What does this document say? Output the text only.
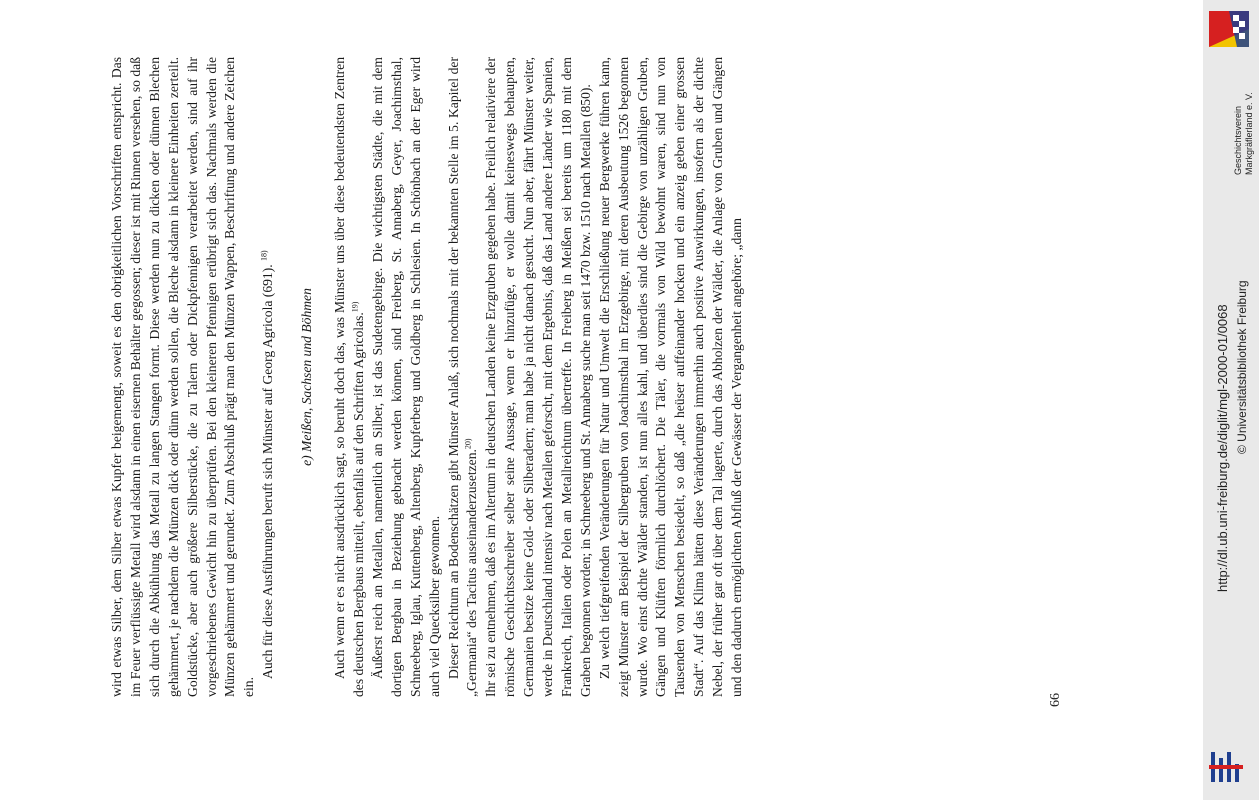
wird etwas Silber, dem Silber etwas Kupfer beigemengt, soweit es den obrigkeitlichen Vorschriften entspricht. Das im Feuer verflüssigte Metall wird alsdann in einen eisernen Behälter gegossen; dieser ist mit Rinnen versehen, so daß sich durch die Abkühlung das Metall zu langen Stangen formt. Diese werden nun zu dicken oder dünnen Blechen gehämmert, je nachdem die Münzen dick oder dünn werden sollen, die Bleche alsdann in kleinere Einheiten zerteilt. Goldstücke, aber auch größere Silberstücke, die zu Talern oder Dickpfennigen verarbeitet werden, sind auf ihr vorgeschriebenes Gewicht hin zu überprüfen. Bei den kleineren Pfennigen erübrigt sich das. Nachmals werden die Münzen gehämmert und gerundet. Zum Abschluß prägt man den Münzen Wappen, Beschriftung und andere Zeichen ein.

Auch für diese Ausführungen beruft sich Münster auf Georg Agricola (691). $^{18)}$

e) Meißen, Sachsen und Böhmen Auch wenn er es nicht ausdrücklich sagt, so beruht doch das, was Münster uns über diese bedeutendsten Zentren des deutschen Bergbaus mitteilt, ebenfalls auf den Schriften Agricolas.$^{19)}$ Äußerst reich an Metallen, namentlich an Silber, ist das Sudetengebirge. Die wichtigsten Städte, die mit dem dortigen Bergbau in Beziehung gebracht werden können, sind Freiberg, St. Annaberg, Geyer, Joachimsthal, Schneeberg, Iglau, Kuttenberg, Altenberg, Kupferberg und Goldberg in Schlesien. In Schönbach an der Eger wird auch viel Quecksilber gewonnen. Dieser Reichtum an Bodenschätzen gibt Münster Anlaß, sich nochmals mit der bekannten Stelle im 5. Kapitel der „Germania“ des Tacitus auseinanderzusetzen.$^{20)}$ Ihr sei zu entnehmen, daß es im Altertum in deutschen Landen keine Erzgruben gegeben habe. Freilich relativiere der römische Geschichtsschreiber selber seine Aussage, wenn er hinzufüge, er wolle damit keineswegs behaupten, Germanien besitze keine Gold- oder Silberadern; man habe ja nicht danach gesucht. Nun aber, fährt Münster weiter, werde in Deutschland intensiv nach Metallen geforscht, mit dem Ergebnis, daß das Land andere Länder wie Spanien, Frankreich, Italien oder Polen an Metallreichtum übertreffe. In Freiberg in Meißen sei bereits um 1180 mit dem Graben begonnen worden; in Schneeberg und St. Annaberg suche man seit 1470 bzw. 1510 nach Metallen (850). Zu welch tiefgreifenden Veränderungen für Natur und Umwelt die Erschließung neuer Bergwerke führen kann, zeigt Münster am Beispiel der Silbergruben von Joachimsthal im Erzgebirge, mit deren Ausbeutung 1526 begonnen wurde. Wo einst dichte Wälder standen, ist nun alles kahl, und überdies sind die Gebirge von unzähligen Gruben, Gängen und Klüften förmlich durchlöchert. Die Täler, die vormals von Wild bewohnt waren, sind nun von Tausenden von Menschen besiedelt, so daß „die heüser auffeinander hocken und ein anzeig geben einer grossen Stadt“. Auf das Klima hätten diese Veränderungen immerhin auch positive Auswirkungen, insofern als der dichte Nebel, der früher gar oft über dem Tal lagerte, durch das Abholzen der Wälder, die Anlage von Gruben und Gängen und den dadurch ermöglichten Abfluß der Gewässer der Vergangenheit angehöre; „dann

66
Geschichtsverein Markgräflerland e. V.
http://dl.ub.uni-freiburg.de/diglit/mgl-2000-01/0068 © Universitätsbibliothek Freiburg
